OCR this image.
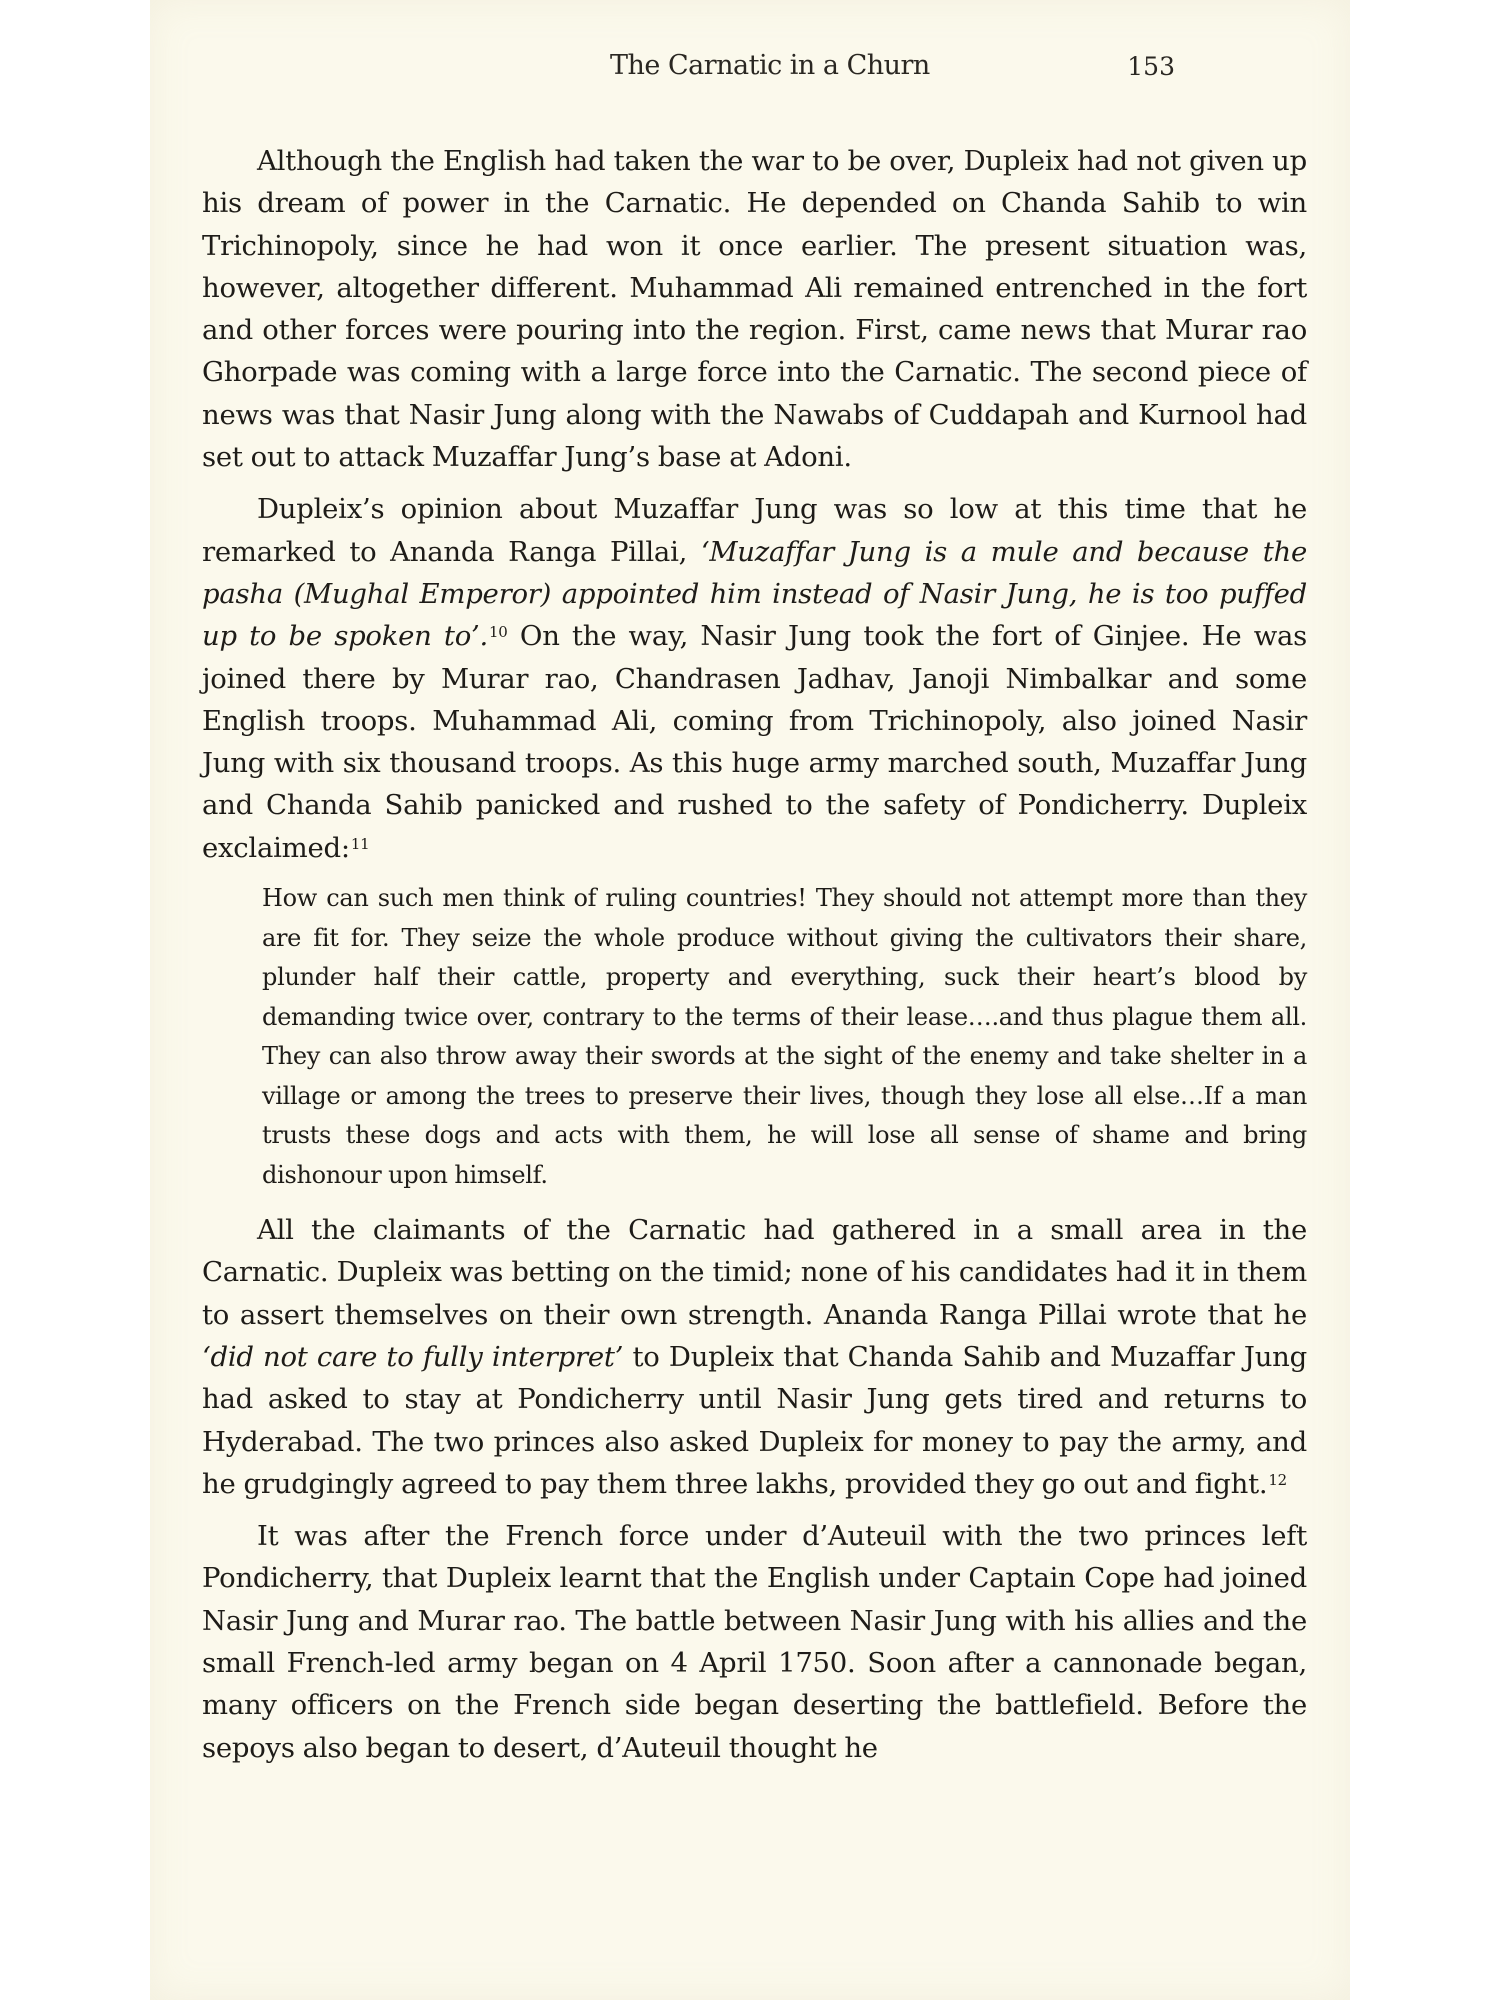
The Carnatic in a Churn	153

Although the English had taken the war to be over, Dupleix had not given up his dream of power in the Carnatic. He depended on Chanda Sahib to win Trichinopoly, since he had won it once earlier. The present situation was, however, altogether different. Muhammad Ali remained entrenched in the fort and other forces were pouring into the region. First, came news that Murar rao Ghorpade was coming with a large force into the Carnatic. The second piece of news was that Nasir Jung along with the Nawabs of Cuddapah and Kurnool had set out to attack Muzaffar Jung’s base at Adoni.

Dupleix’s opinion about Muzaffar Jung was so low at this time that he remarked to Ananda Ranga Pillai, ‘Muzaffar Jung is a mule and because the pasha (Mughal Emperor) appointed him instead of Nasir Jung, he is too puffed up to be spoken to’.$^{10}$ On the way, Nasir Jung took the fort of Ginjee. He was joined there by Murar rao, Chandrasen Jadhav, Janoji Nimbalkar and some English troops. Muhammad Ali, coming from Trichinopoly, also joined Nasir Jung with six thousand troops. As this huge army marched south, Muzaffar Jung and Chanda Sahib panicked and rushed to the safety of Pondicherry. Dupleix exclaimed:$^{11}$

How can such men think of ruling countries! They should not attempt more than they are fit for. They seize the whole produce without giving the cultivators their share, plunder half their cattle, property and everything, suck their heart’s blood by demanding twice over, contrary to the terms of their lease….and thus plague them all. They can also throw away their swords at the sight of the enemy and take shelter in a village or among the trees to preserve their lives, though they lose all else…If a man trusts these dogs and acts with them, he will lose all sense of shame and bring dishonour upon himself.

All the claimants of the Carnatic had gathered in a small area in the Carnatic. Dupleix was betting on the timid; none of his candidates had it in them to assert themselves on their own strength. Ananda Ranga Pillai wrote that he ‘did not care to fully interpret’ to Dupleix that Chanda Sahib and Muzaffar Jung had asked to stay at Pondicherry until Nasir Jung gets tired and returns to Hyderabad. The two princes also asked Dupleix for money to pay the army, and he grudgingly agreed to pay them three lakhs, provided they go out and fight.$^{12}$

It was after the French force under d’Auteuil with the two princes left Pondicherry, that Dupleix learnt that the English under Captain Cope had joined Nasir Jung and Murar rao. The battle between Nasir Jung with his allies and the small French-led army began on 4 April 1750. Soon after a cannonade began, many officers on the French side began deserting the battlefield. Before the sepoys also began to desert, d’Auteuil thought he
